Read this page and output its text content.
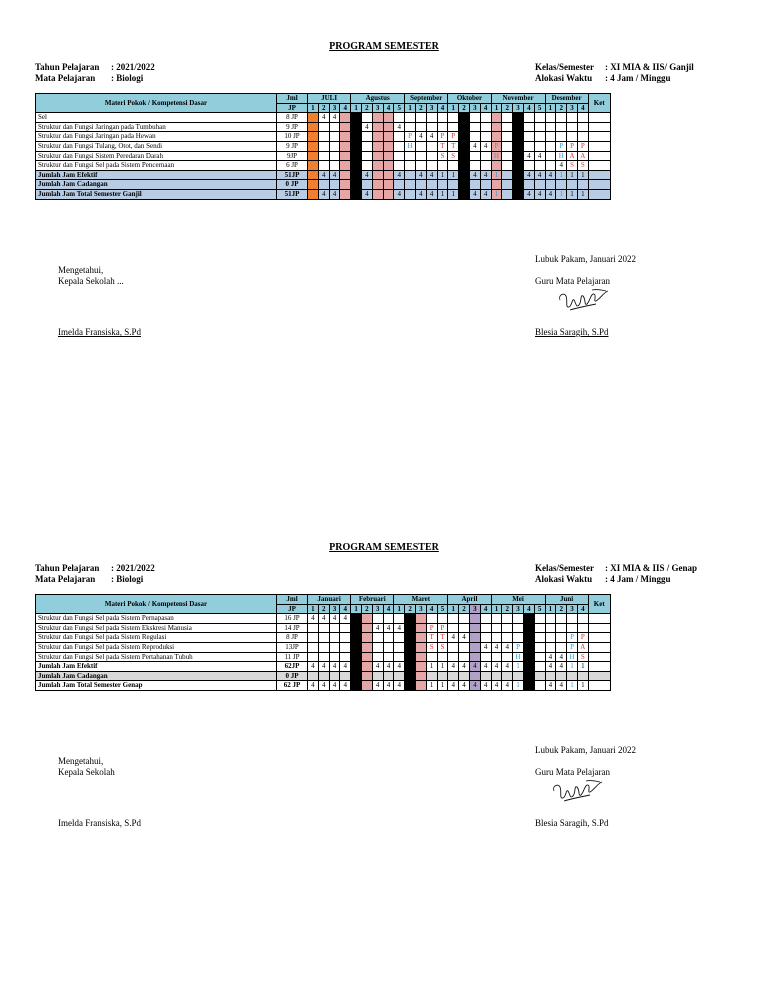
PROGRAM SEMESTER
Tahun Pelajaran : 2021/2022
Mata Pelajaran : Biologi
Kelas/Semester : XI MIA & IIS/ Ganjil
Alokasi Waktu : 4 Jam / Minggu
Materi Pokok / Kompetensi Dasar	Jml	JULI				Agustus					September				Oktober				November					Desember				Ket
	JP	1	2	3	4	1	2	3	4	5	1	2	3	4	1	2	3	4	1	2	3	4	5	1	2	3	4	
Sel	8 JP		4	4																								
Struktur dan Fungsi Jaringan pada Tumbuhan	9 JP						4			4																		
Struktur dan Fungsi Jaringan pada Hewan	10 JP										P	4	4	P	P													
Struktur dan Fungsi Tulang, Otot, dan Sendi	9 JP										H			T	T		4	4	P						P	P	P	
Struktur dan Fungsi Sistem Peredaran Darah	9JP													S	S				H			4	4		H	A	A	
Struktur dan Fungsi Sel pada Sistem Pencernaan	6 JP																								4	S	S	
Jumlah Jam Efektif	51JP		4	4			4			4		4	4	1	1		4	4	1			4	4	4	1	1	1	
Jumlah Jam Cadangan	0 JP																											
Jumlah Jam Total Semester Ganjil	51JP		4	4			4			4		4	4	1	1		4	4	1			4	4	4	1	1	1	
Lubuk Pakam, Januari 2022
Mengetahui,
Kepala Sekolah ...	Guru Mata Pelajaran
Imelda Fransiska, S.Pd	Blesia Saragih, S.Pd
PROGRAM SEMESTER
Tahun Pelajaran : 2021/2022
Mata Pelajaran : Biologi
Kelas/Semester : XI MIA & IIS / Genap
Alokasi Waktu : 4 Jam / Minggu
Materi Pokok / Kompetensi Dasar	Jml	Januari				Februari				Maret					April				Mei					Juni				Ket
	JP	1	2	3	4	1	2	3	4	1	2	3	4	5	1	2	3	4	1	2	3	4	5	1	2	3	4	
Struktur dan Fungsi Sel pada Sistem Pernapasan	16 JP	4	4	4	4																							
Struktur dan Fungsi Sel pada Sistem Ekskresi Manusia	14 JP							4	4	4			P	P														
Struktur dan Fungsi Sel pada Sistem Regulasi	8 JP												T	T	4	4										P	P	
Struktur dan Fungsi Sel pada Sistem Reproduksi	13JP												S	S				4	4	4	P					P	A	
Struktur dan Fungsi Sel pada Sistem Pertahanan Tubuh	11 JP																				H			4	4	H	S	
Jumlah Jam Efektif	62JP	4	4	4	4			4	4	4			1	1	4	4	4	4	4	4	1			4	4	1	1	
Jumlah Jam Cadangan	0 JP																											
Jumlah Jam Total Semester Genap	62 JP	4	4	4	4			4	4	4			1	1	4	4	4	4	4	4	1			4	4	1	1	
Lubuk Pakam, Januari 2022
Mengetahui,
Kepala Sekolah	Guru Mata Pelajaran
Imelda Fransiska, S.Pd	Blesia Saragih, S.Pd
